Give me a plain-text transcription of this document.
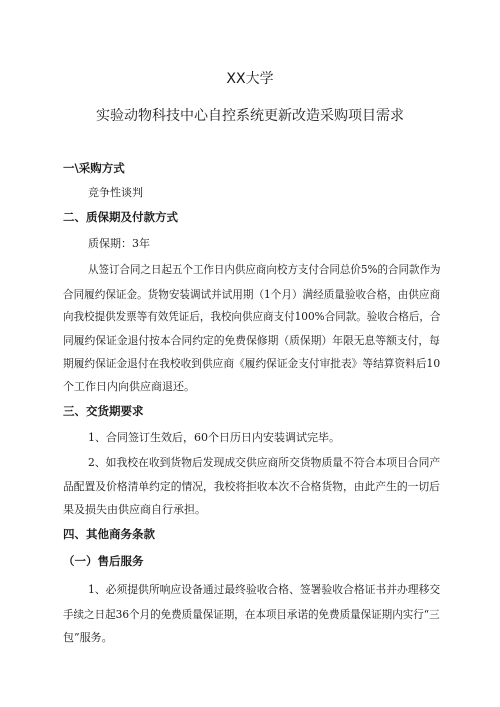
XX大学
实验动物科技中心自控系统更新改造采购项目需求
一\采购方式
竞争性谈判
二、质保期及付款方式
质保期：3年
从签订合同之日起五个工作日内供应商向校方支付合同总价5%的合同款作为
合同履约保证金。货物安装调试并试用期（1个月）满经质量验收合格，由供应商
向我校提供发票等有效凭证后，我校向供应商支付100%合同款。验收合格后，合
同履约保证金退付按本合同约定的免费保修期（质保期）年限无息等额支付，每
期履约保证金退付在我校收到供应商《履约保证金支付审批表》等结算资料后10
个工作日内向供应商退还。
三、交货期要求
1、合同签订生效后，60个日历日内安装调试完毕。
2、如我校在收到货物后发现成交供应商所交货物质量不符合本项目合同产
品配置及价格清单约定的情况，我校将拒收本次不合格货物，由此产生的一切后
果及损失由供应商自行承担。
四、其他商务条款
（一）售后服务
1、必须提供所响应设备通过最终验收合格、签署验收合格证书并办理移交
手续之日起36个月的免费质量保证期，在本项目承诺的免费质量保证期内实行“三
包”服务。
